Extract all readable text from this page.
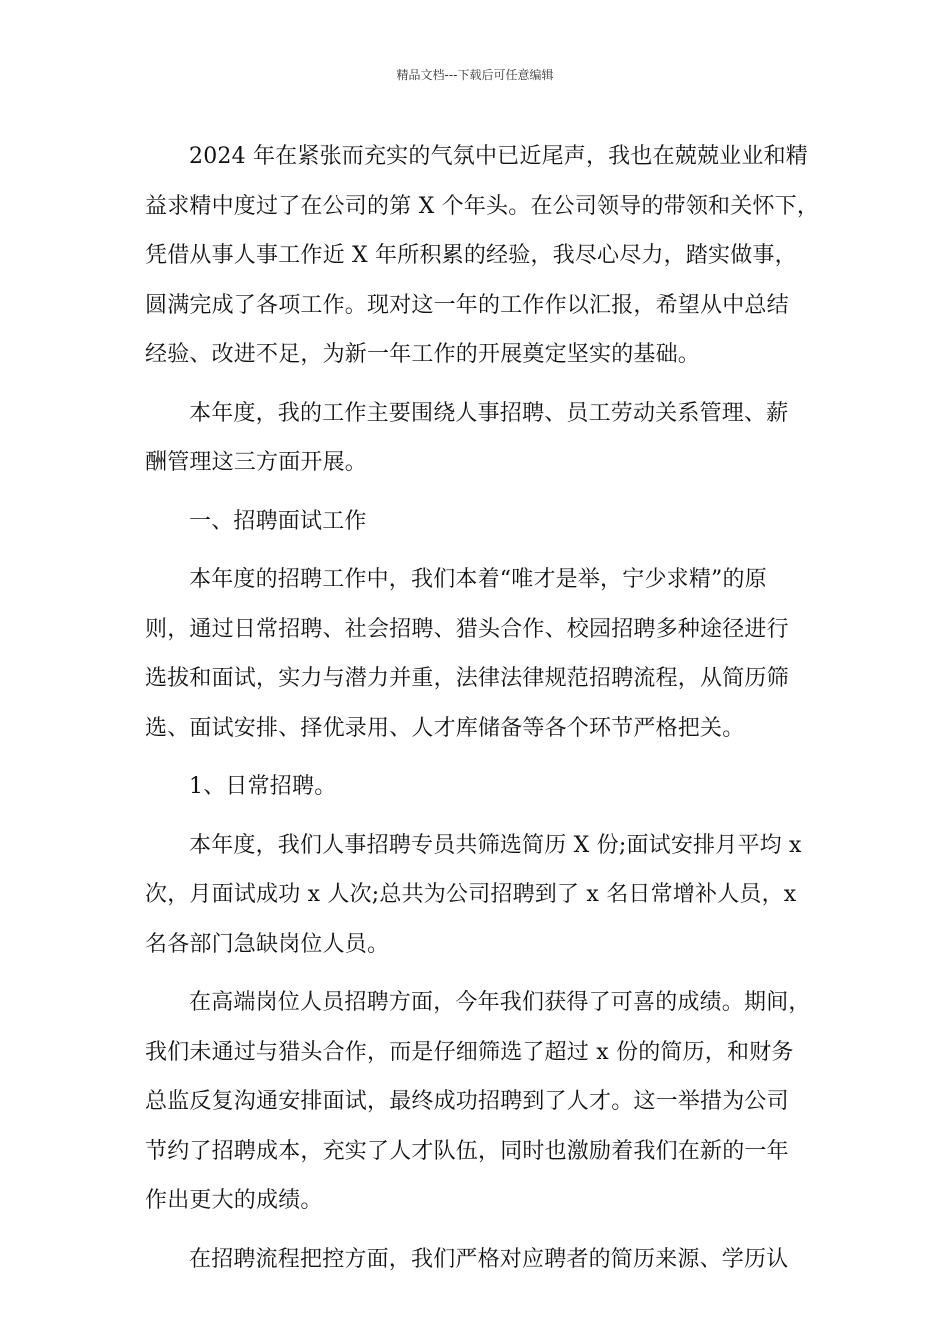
精品文档---下载后可任意编辑

2024 年在紧张而充实的气氛中已近尾声，我也在兢兢业业和精
益求精中度过了在公司的第 X 个年头。在公司领导的带领和关怀下，
凭借从事人事工作近 X 年所积累的经验，我尽心尽力，踏实做事，
圆满完成了各项工作。现对这一年的工作作以汇报，希望从中总结
经验、改进不足，为新一年工作的开展奠定坚实的基础。

本年度，我的工作主要围绕人事招聘、员工劳动关系管理、薪
酬管理这三方面开展。

一、招聘面试工作

本年度的招聘工作中，我们本着“唯才是举，宁少求精”的原
则，通过日常招聘、社会招聘、猎头合作、校园招聘多种途径进行
选拔和面试，实力与潜力并重，法律法律规范招聘流程，从简历筛
选、面试安排、择优录用、人才库储备等各个环节严格把关。

1、日常招聘。

本年度，我们人事招聘专员共筛选简历 X 份;面试安排月平均 x
次，月面试成功 x 人次;总共为公司招聘到了 x 名日常增补人员，x
名各部门急缺岗位人员。

在高端岗位人员招聘方面，今年我们获得了可喜的成绩。期间，
我们未通过与猎头合作，而是仔细筛选了超过 x 份的简历，和财务
总监反复沟通安排面试，最终成功招聘到了人才。这一举措为公司
节约了招聘成本，充实了人才队伍，同时也激励着我们在新的一年
作出更大的成绩。

在招聘流程把控方面，我们严格对应聘者的简历来源、学历认
